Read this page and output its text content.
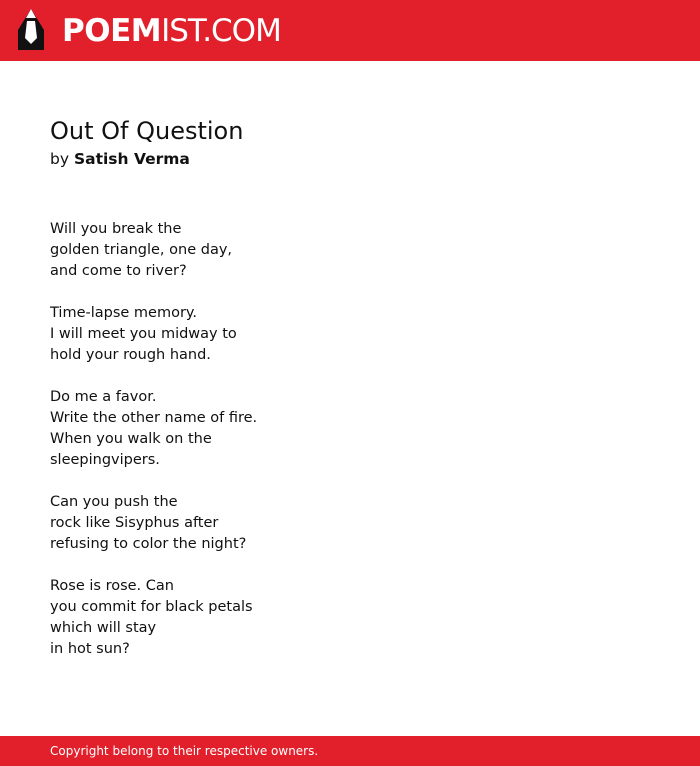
POEMIST.COM
Out Of Question
by Satish Verma
Will you break the
golden triangle, one day,
and come to river?
Time-lapse memory.
I will meet you midway to
hold your rough hand.
Do me a favor.
Write the other name of fire.
When you walk on the
sleepingvipers.
Can you push the
rock like Sisyphus after
refusing to color the night?
Rose is rose. Can
you commit for black petals
which will stay
in hot sun?
Copyright belong to their respective owners.
